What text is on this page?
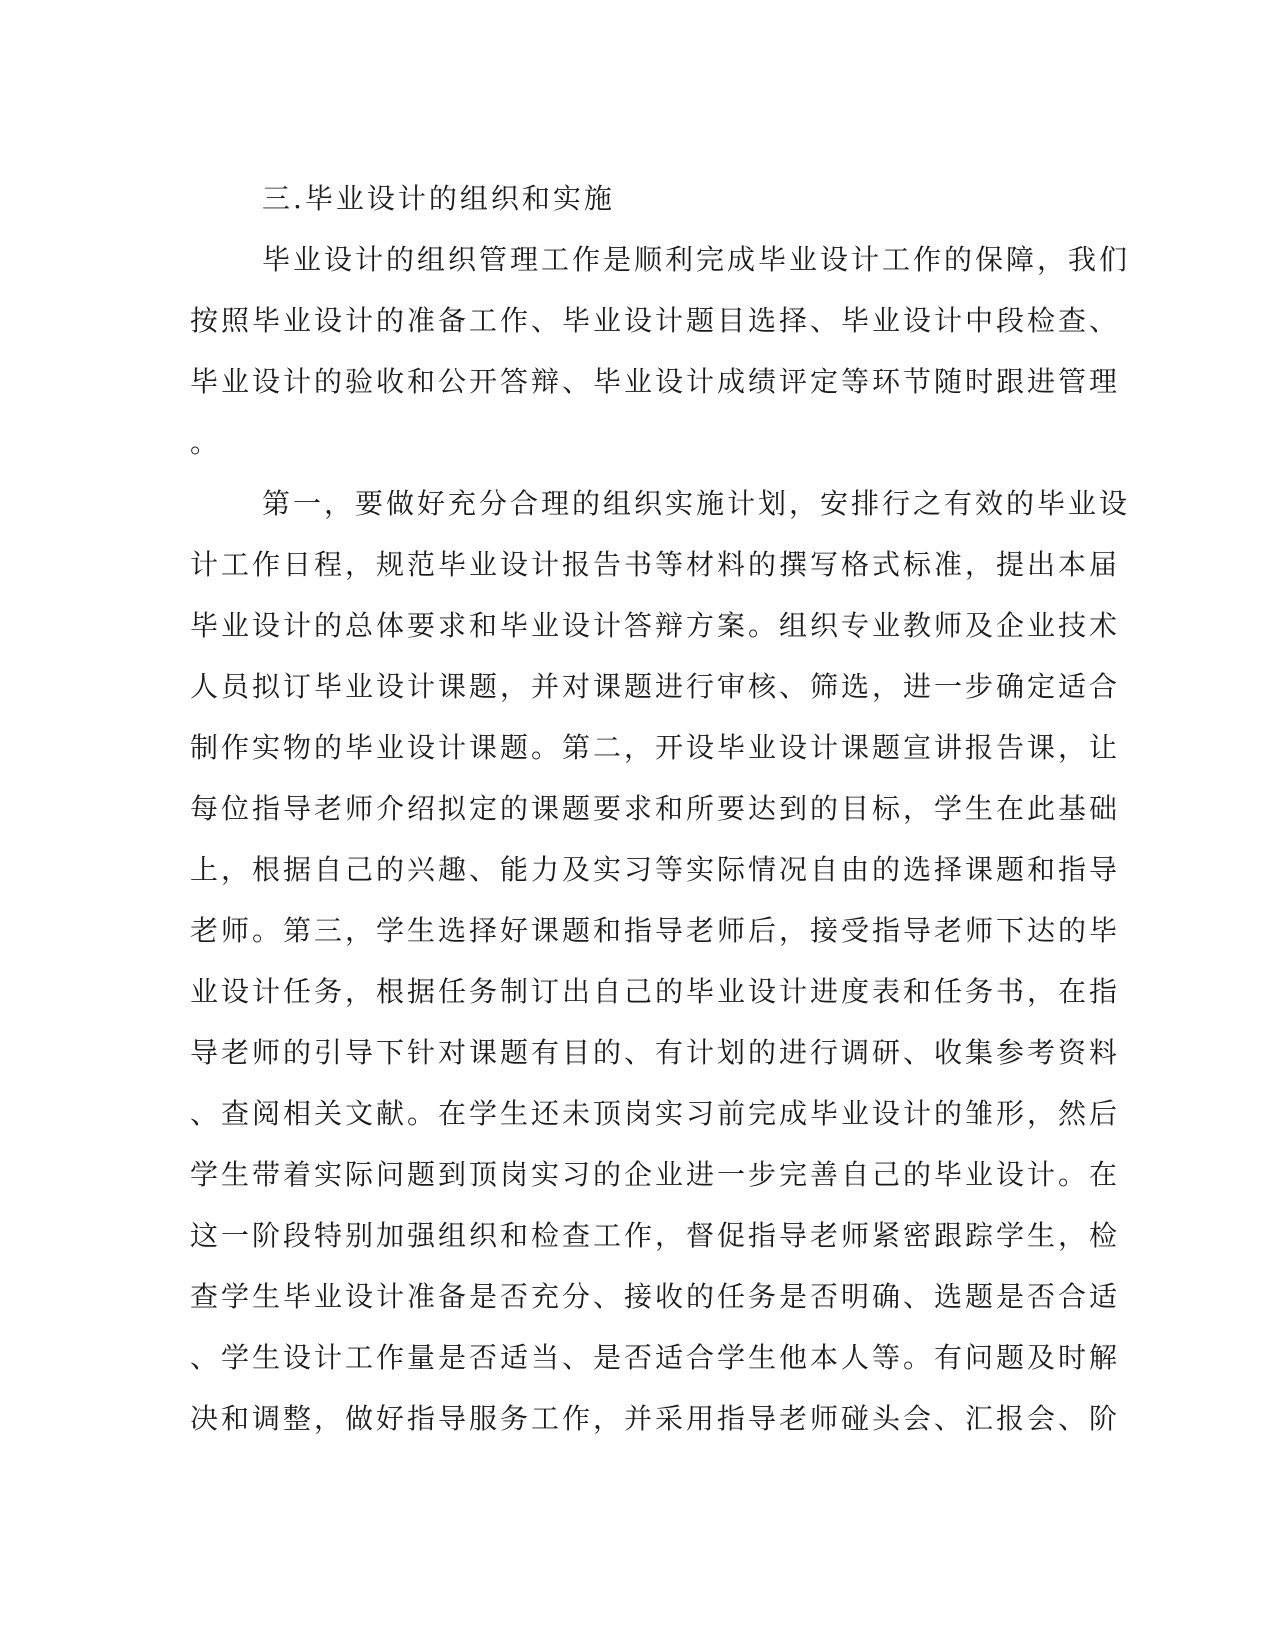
三.毕业设计的组织和实施
毕业设计的组织管理工作是顺利完成毕业设计工作的保障，我们
按照毕业设计的准备工作、毕业设计题目选择、毕业设计中段检查、
毕业设计的验收和公开答辩、毕业设计成绩评定等环节随时跟进管理
。
第一，要做好充分合理的组织实施计划，安排行之有效的毕业设
计工作日程，规范毕业设计报告书等材料的撰写格式标准，提出本届
毕业设计的总体要求和毕业设计答辩方案。组织专业教师及企业技术
人员拟订毕业设计课题，并对课题进行审核、筛选，进一步确定适合
制作实物的毕业设计课题。第二，开设毕业设计课题宣讲报告课，让
每位指导老师介绍拟定的课题要求和所要达到的目标，学生在此基础
上，根据自己的兴趣、能力及实习等实际情况自由的选择课题和指导
老师。第三，学生选择好课题和指导老师后，接受指导老师下达的毕
业设计任务，根据任务制订出自己的毕业设计进度表和任务书，在指
导老师的引导下针对课题有目的、有计划的进行调研、收集参考资料
、查阅相关文献。在学生还未顶岗实习前完成毕业设计的雏形，然后
学生带着实际问题到顶岗实习的企业进一步完善自己的毕业设计。在
这一阶段特别加强组织和检查工作，督促指导老师紧密跟踪学生，检
查学生毕业设计准备是否充分、接收的任务是否明确、选题是否合适
、学生设计工作量是否适当、是否适合学生他本人等。有问题及时解
决和调整，做好指导服务工作，并采用指导老师碰头会、汇报会、阶
